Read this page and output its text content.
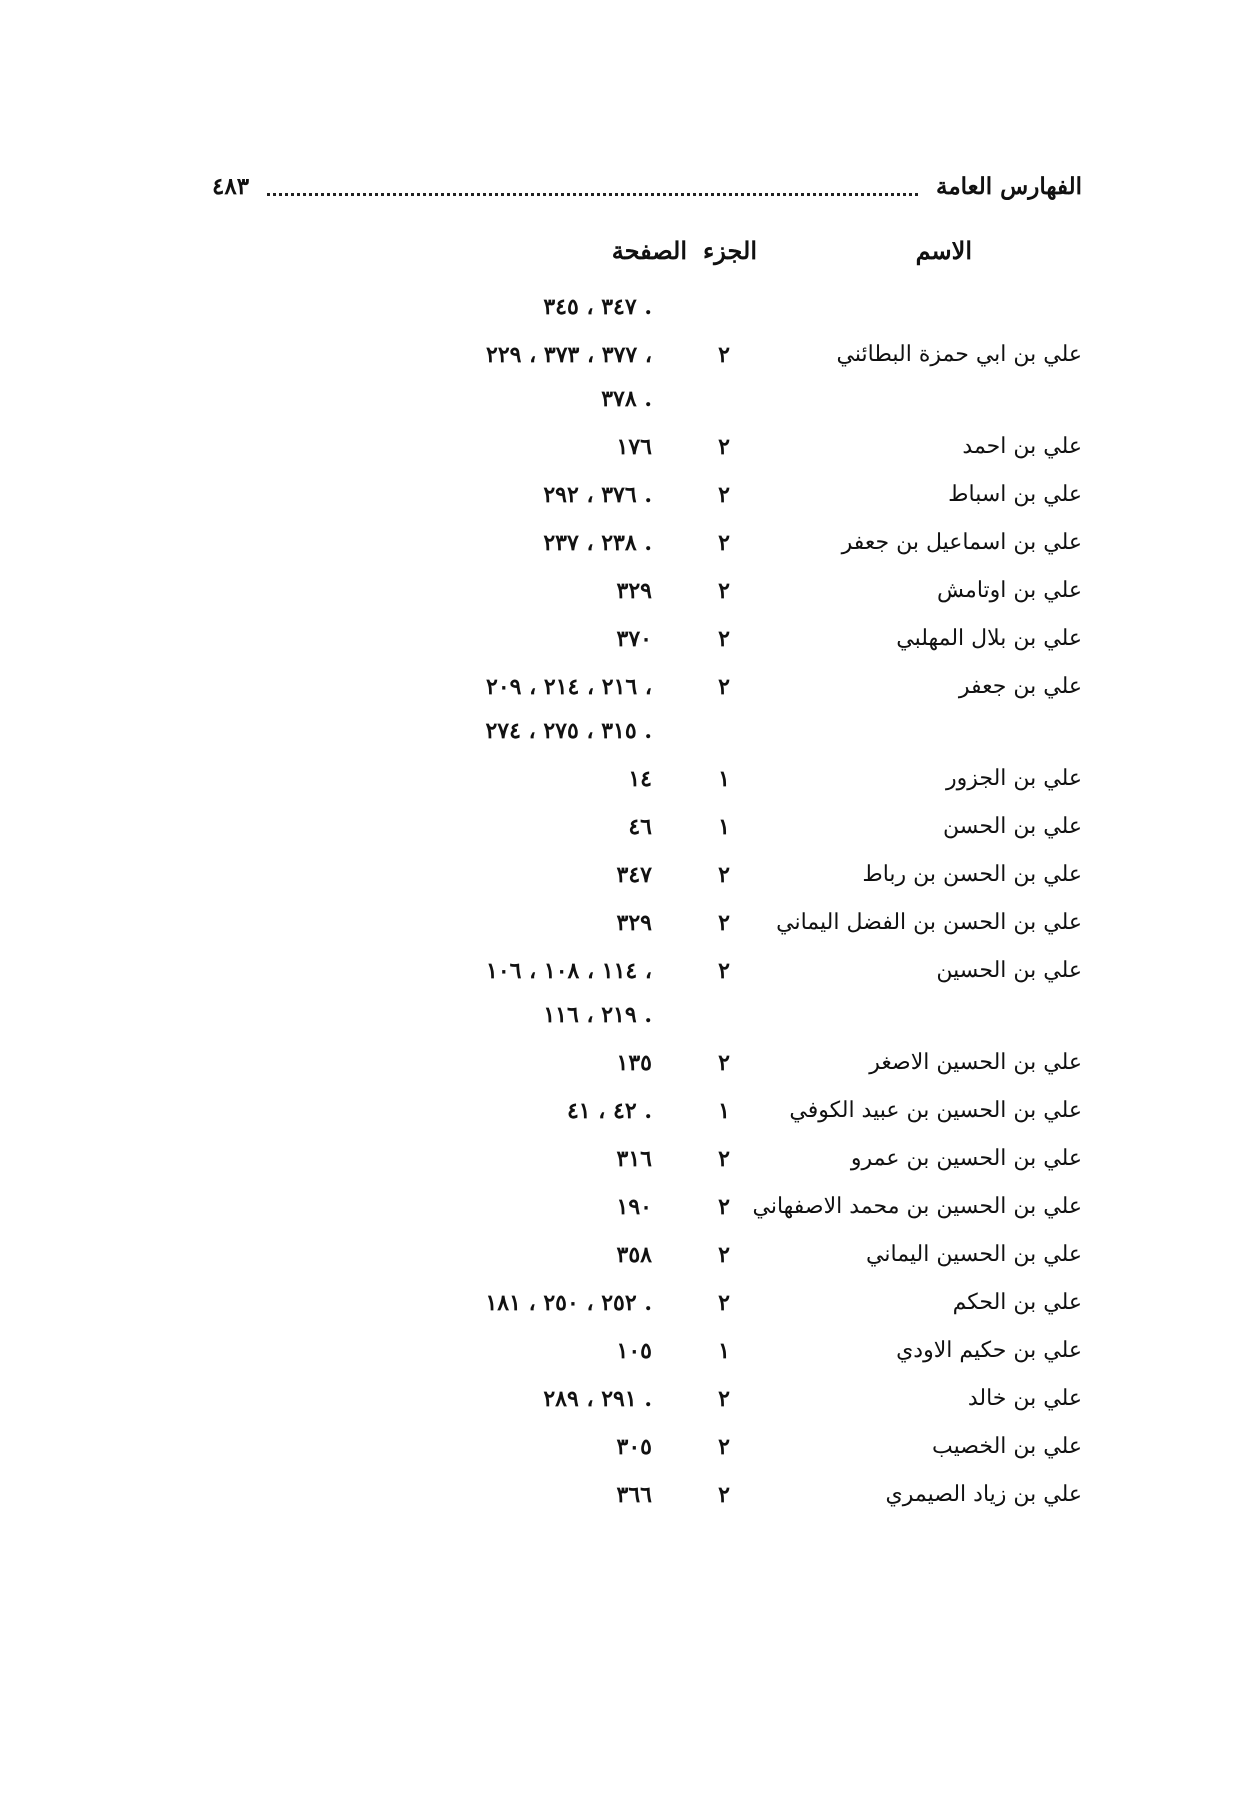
الفهارس العامة
٤٨٣
الاسم
الجزء
الصفحة
. ٣٤٧ ، ٣٤٥
علي بن ابي حمزة البطائني
٢
، ٣٧٧ ، ٣٧٣ ، ٢٢٩
. ٣٧٨
علي بن احمد
٢
١٧٦
علي بن اسباط
٢
. ٣٧٦ ، ٢٩٢
علي بن اسماعيل بن جعفر
٢
. ٢٣٨ ، ٢٣٧
علي بن اوتامش
٢
٣٢٩
علي بن بلال المهلبي
٢
٣٧٠
علي بن جعفر
٢
، ٢١٦ ، ٢١٤ ، ٢٠٩
. ٣١٥ ، ٢٧٥ ، ٢٧٤
علي بن الجزور
١
١٤
علي بن الحسن
١
٤٦
علي بن الحسن بن رباط
٢
٣٤٧
علي بن الحسن بن الفضل اليماني
٢
٣٢٩
علي بن الحسين
٢
، ١١٤ ، ١٠٨ ، ١٠٦
. ٢١٩ ، ١١٦
علي بن الحسين الاصغر
٢
١٣٥
علي بن الحسين بن عبيد الكوفي
١
. ٤٢ ، ٤١
علي بن الحسين بن عمرو
٢
٣١٦
علي بن الحسين بن محمد الاصفهاني
٢
١٩٠
علي بن الحسين اليماني
٢
٣٥٨
علي بن الحكم
٢
. ٢٥٢ ، ٢٥٠ ، ١٨١
علي بن حكيم الاودي
١
١٠٥
علي بن خالد
٢
. ٢٩١ ، ٢٨٩
علي بن الخصيب
٢
٣٠٥
علي بن زياد الصيمري
٢
٣٦٦
